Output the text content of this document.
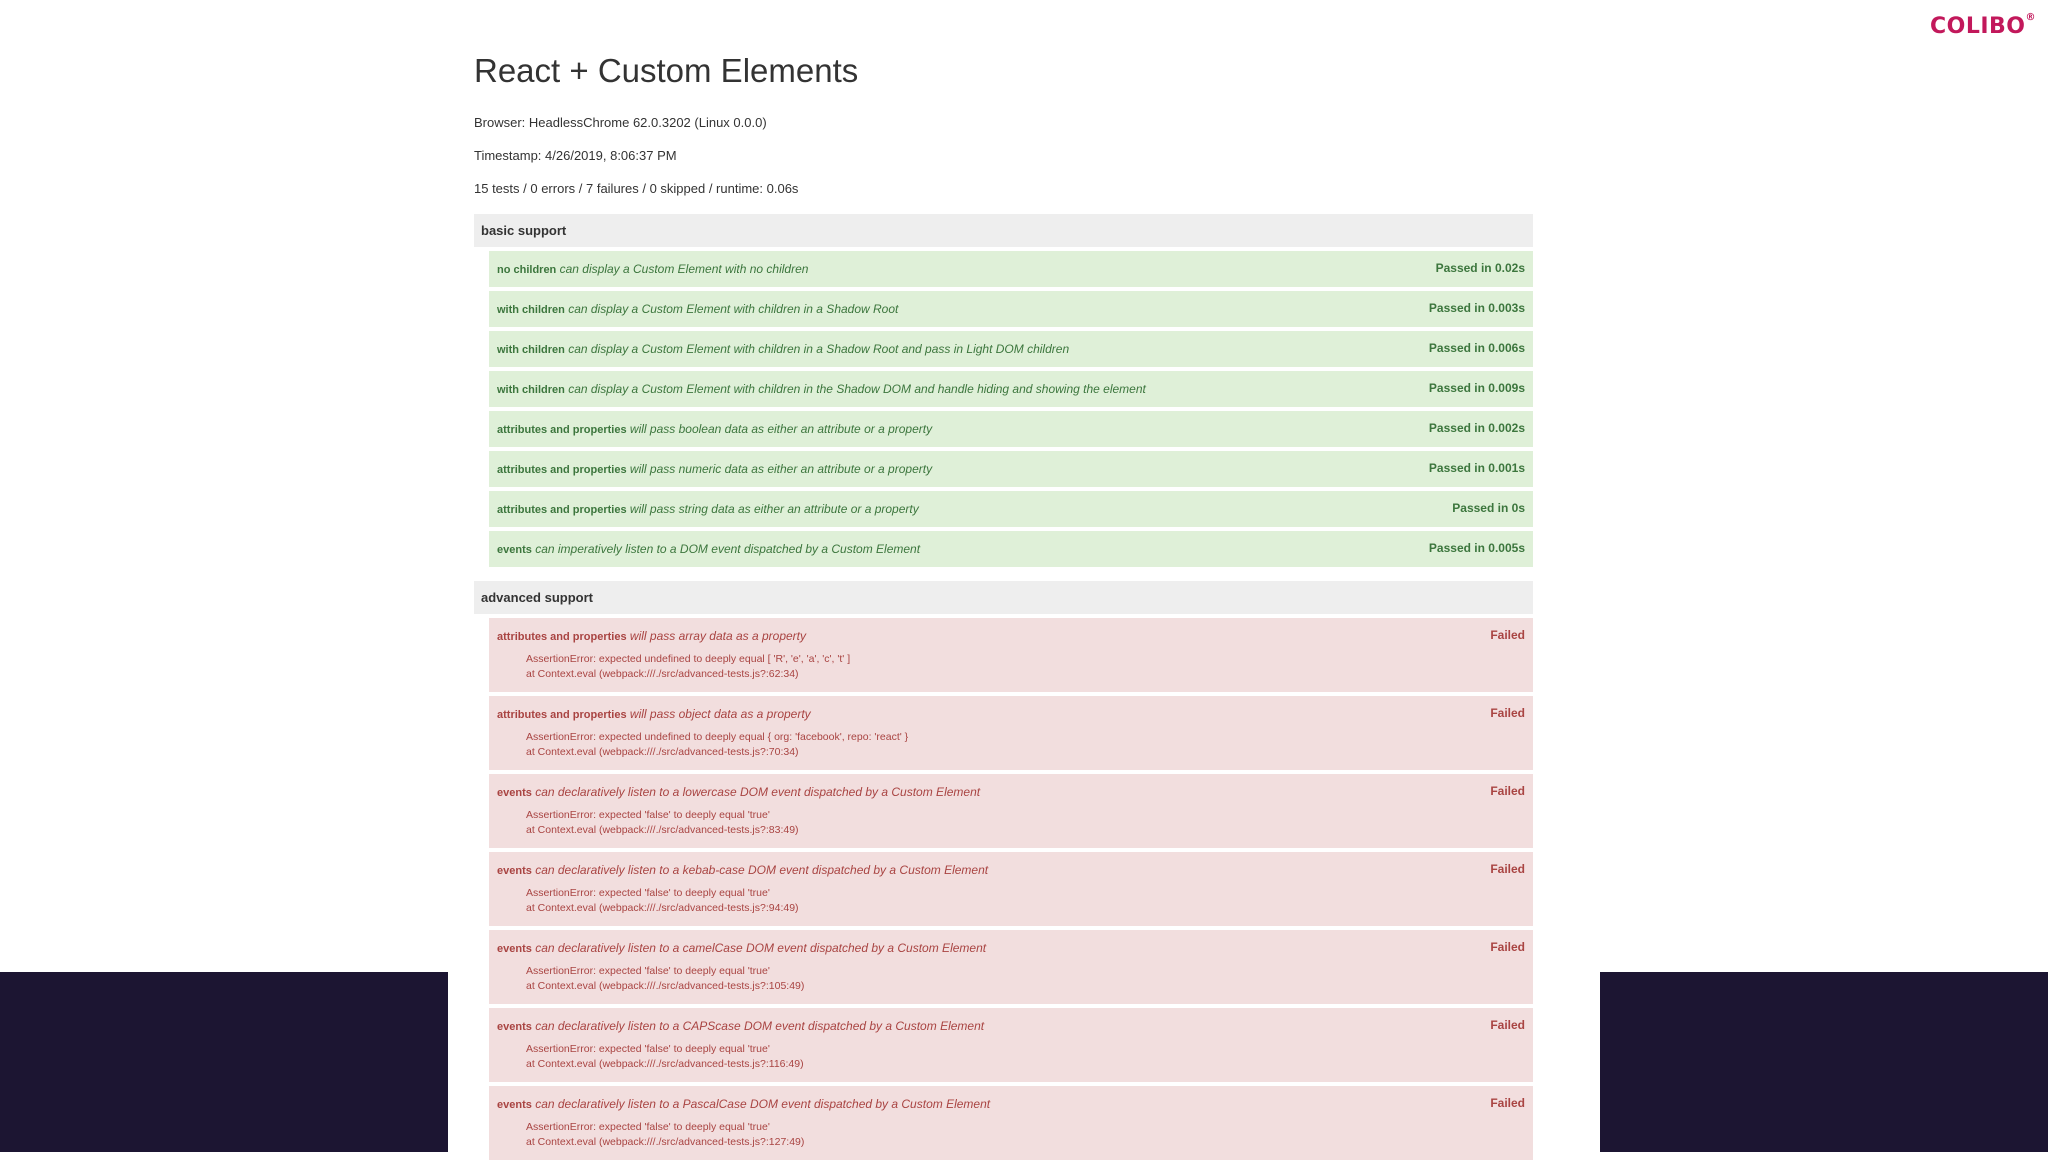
COLIBO®
React + Custom Elements

Browser: HeadlessChrome 62.0.3202 (Linux 0.0.0)

Timestamp: 4/26/2019, 8:06:37 PM

15 tests / 0 errors / 7 failures / 0 skipped / runtime: 0.06s

basic support
no children can display a Custom Element with no children	Passed in 0.02s
with children can display a Custom Element with children in a Shadow Root	Passed in 0.003s
with children can display a Custom Element with children in a Shadow Root and pass in Light DOM children	Passed in 0.006s
with children can display a Custom Element with children in the Shadow DOM and handle hiding and showing the element	Passed in 0.009s
attributes and properties will pass boolean data as either an attribute or a property	Passed in 0.002s
attributes and properties will pass numeric data as either an attribute or a property	Passed in 0.001s
attributes and properties will pass string data as either an attribute or a property	Passed in 0s
events can imperatively listen to a DOM event dispatched by a Custom Element	Passed in 0.005s
advanced support
attributes and properties will pass array data as a property	Failed
AssertionError: expected undefined to deeply equal [ 'R', 'e', 'a', 'c', 't' ]
at Context.eval (webpack:///./src/advanced-tests.js?:62:34)
attributes and properties will pass object data as a property	Failed
AssertionError: expected undefined to deeply equal { org: 'facebook', repo: 'react' }
at Context.eval (webpack:///./src/advanced-tests.js?:70:34)
events can declaratively listen to a lowercase DOM event dispatched by a Custom Element	Failed
AssertionError: expected 'false' to deeply equal 'true'
at Context.eval (webpack:///./src/advanced-tests.js?:83:49)
events can declaratively listen to a kebab-case DOM event dispatched by a Custom Element	Failed
AssertionError: expected 'false' to deeply equal 'true'
at Context.eval (webpack:///./src/advanced-tests.js?:94:49)
events can declaratively listen to a camelCase DOM event dispatched by a Custom Element	Failed
AssertionError: expected 'false' to deeply equal 'true'
at Context.eval (webpack:///./src/advanced-tests.js?:105:49)
events can declaratively listen to a CAPScase DOM event dispatched by a Custom Element	Failed
AssertionError: expected 'false' to deeply equal 'true'
at Context.eval (webpack:///./src/advanced-tests.js?:116:49)
events can declaratively listen to a PascalCase DOM event dispatched by a Custom Element	Failed
AssertionError: expected 'false' to deeply equal 'true'
at Context.eval (webpack:///./src/advanced-tests.js?:127:49)
